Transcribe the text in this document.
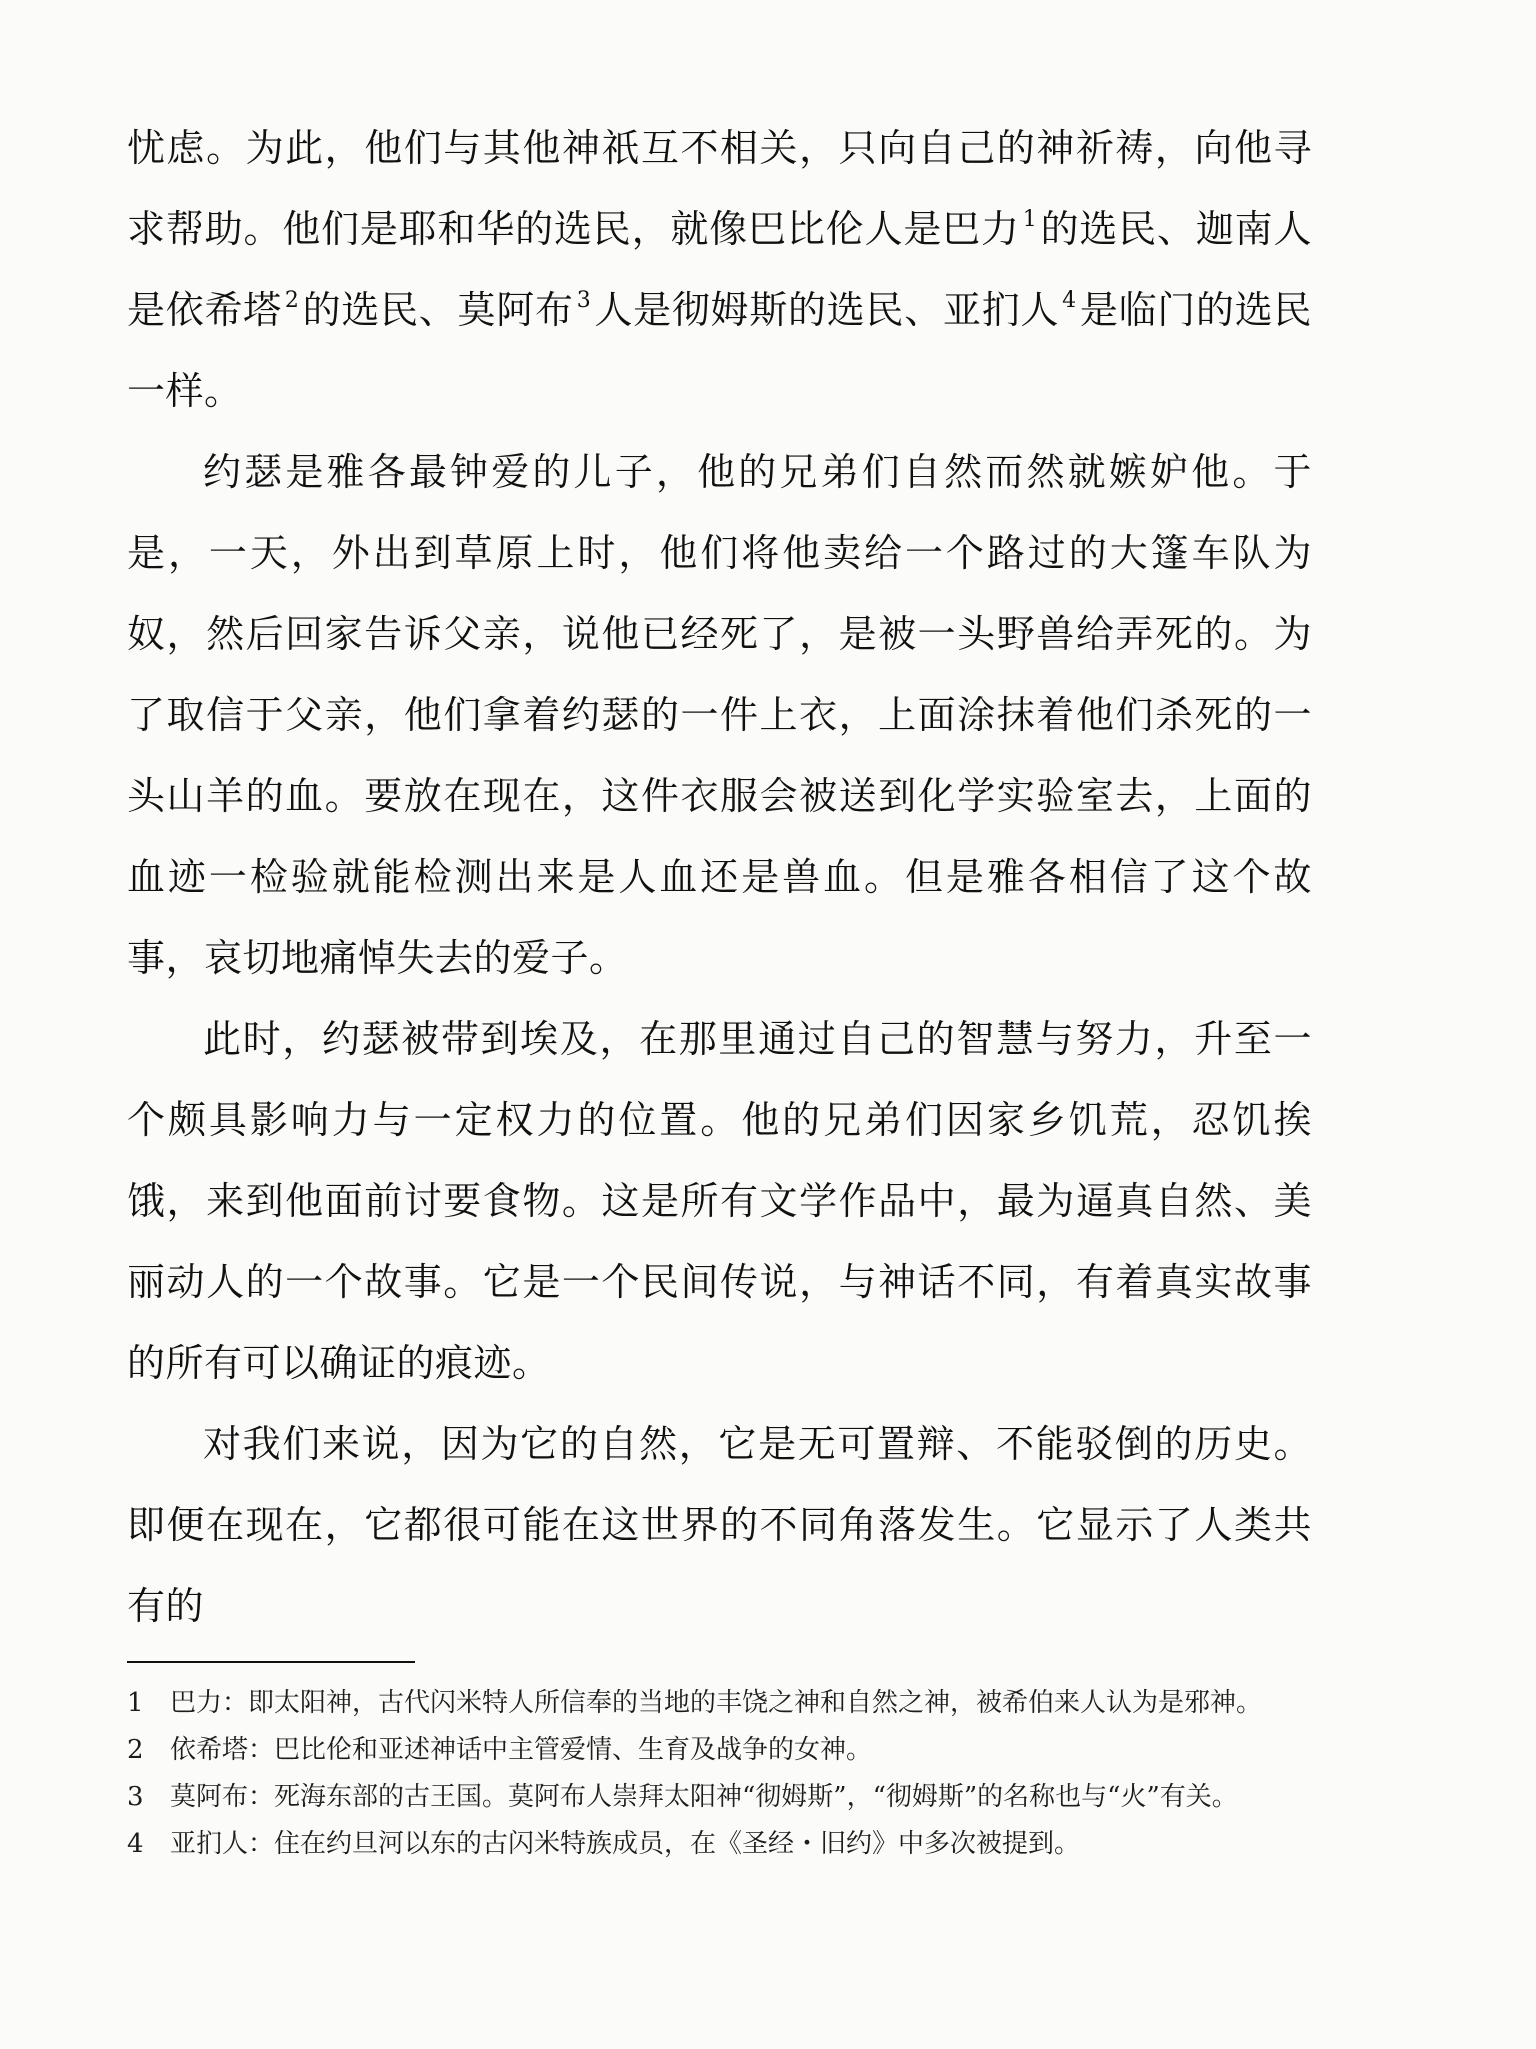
忧虑。为此，他们与其他神祇互不相关，只向自己的神祈祷，向他寻求帮助。他们是耶和华的选民，就像巴比伦人是巴力 $^1$的选民、迦南人是依希塔 $^2$的选民、莫阿布 $^3$人是彻姆斯的选民、亚扪人 $^4$是临门的选民一样。

约瑟是雅各最钟爱的儿子，他的兄弟们自然而然就嫉妒他。于是，一天，外出到草原上时，他们将他卖给一个路过的大篷车队为奴，然后回家告诉父亲，说他已经死了，是被一头野兽给弄死的。为了取信于父亲，他们拿着约瑟的一件上衣，上面涂抹着他们杀死的一头山羊的血。要放在现在，这件衣服会被送到化学实验室去，上面的血迹一检验就能检测出来是人血还是兽血。但是雅各相信了这个故事，哀切地痛悼失去的爱子。

此时，约瑟被带到埃及，在那里通过自己的智慧与努力，升至一个颇具影响力与一定权力的位置。他的兄弟们因家乡饥荒，忍饥挨饿，来到他面前讨要食物。这是所有文学作品中，最为逼真自然、美丽动人的一个故事。它是一个民间传说，与神话不同，有着真实故事的所有可以确证的痕迹。

对我们来说，因为它的自然，它是无可置辩、不能驳倒的历史。即便在现在，它都很可能在这世界的不同角落发生。它显示了人类共有的

1 巴力：即太阳神，古代闪米特人所信奉的当地的丰饶之神和自然之神，被希伯来人认为是邪神。

2 依希塔：巴比伦和亚述神话中主管爱情、生育及战争的女神。

3 莫阿布：死海东部的古王国。莫阿布人崇拜太阳神“彻姆斯”，“彻姆斯”的名称也与“火”有关。

4 亚扪人：住在约旦河以东的古闪米特族成员，在《圣经・旧约》中多次被提到。
